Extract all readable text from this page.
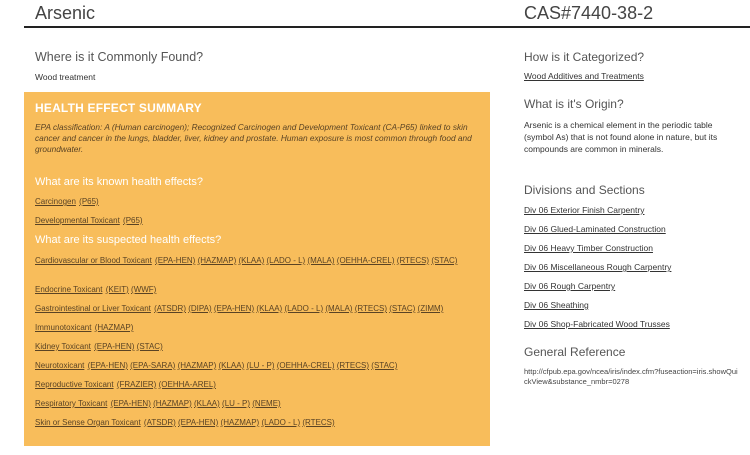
Arsenic	CAS#7440-38-2
Where is it Commonly Found?
Wood treatment
HEALTH EFFECT SUMMARY
EPA classification: A (Human carcinogen); Recognized Carcinogen and Development Toxicant (CA-P65) linked to skin cancer and cancer in the lungs, bladder, liver, kidney and prostate. Human exposure is most common through food and groundwater.
What are its known health effects?
Carcinogen (P65)
Developmental Toxicant (P65)
What are its suspected health effects?
Cardiovascular or Blood Toxicant (EPA-HEN) (HAZMAP) (KLAA) (LADO - L) (MALA) (OEHHA-CREL) (RTECS) (STAC)
Endocrine Toxicant (KEIT) (WWF)
Gastrointestinal or Liver Toxicant (ATSDR) (DIPA) (EPA-HEN) (KLAA) (LADO - L) (MALA) (RTECS) (STAC) (ZIMM)
Immunotoxicant (HAZMAP)
Kidney Toxicant (EPA-HEN) (STAC)
Neurotoxicant (EPA-HEN) (EPA-SARA) (HAZMAP) (KLAA) (LU - P) (OEHHA-CREL) (RTECS) (STAC)
Reproductive Toxicant (FRAZIER) (OEHHA-AREL)
Respiratory Toxicant (EPA-HEN) (HAZMAP) (KLAA) (LU - P) (NEME)
Skin or Sense Organ Toxicant (ATSDR) (EPA-HEN) (HAZMAP) (LADO - L) (RTECS)
How is it Categorized?
Wood Additives and Treatments
What is it's Origin?
Arsenic is a chemical element in the periodic table (symbol As) that is not found alone in nature, but its compounds are common in minerals.
Divisions and Sections
Div 06 Exterior Finish Carpentry
Div 06 Glued-Laminated Construction
Div 06 Heavy Timber Construction
Div 06 Miscellaneous Rough Carpentry
Div 06 Rough Carpentry
Div 06 Sheathing
Div 06 Shop-Fabricated Wood Trusses
General Reference
http://cfpub.epa.gov/ncea/iris/index.cfm?fuseaction=iris.showQuickView&substance_nmbr=0278
